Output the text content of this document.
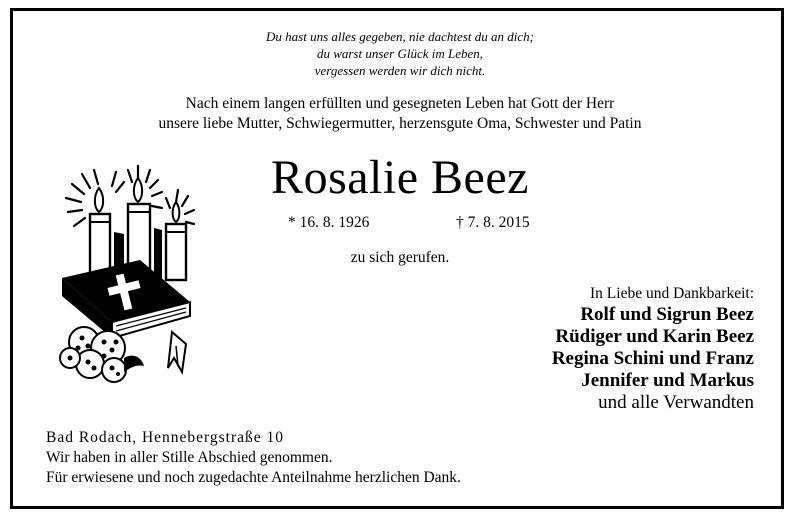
Du hast uns alles gegeben, nie dachtest du an dich;
du warst unser Glück im Leben,
vergessen werden wir dich nicht.
Nach einem langen erfüllten und gesegneten Leben hat Gott der Herr
unsere liebe Mutter, Schwiegermutter, herzensgute Oma, Schwester und Patin
Rosalie Beez
* 16. 8. 1926	† 7. 8. 2015
zu sich gerufen.
In Liebe und Dankbarkeit:
Rolf und Sigrun Beez
Rüdiger und Karin Beez
Regina Schini und Franz
Jennifer und Markus
und alle Verwandten
Bad Rodach, Hennebergstraße 10
Wir haben in aller Stille Abschied genommen.
Für erwiesene und noch zugedachte Anteilnahme herzlichen Dank.
